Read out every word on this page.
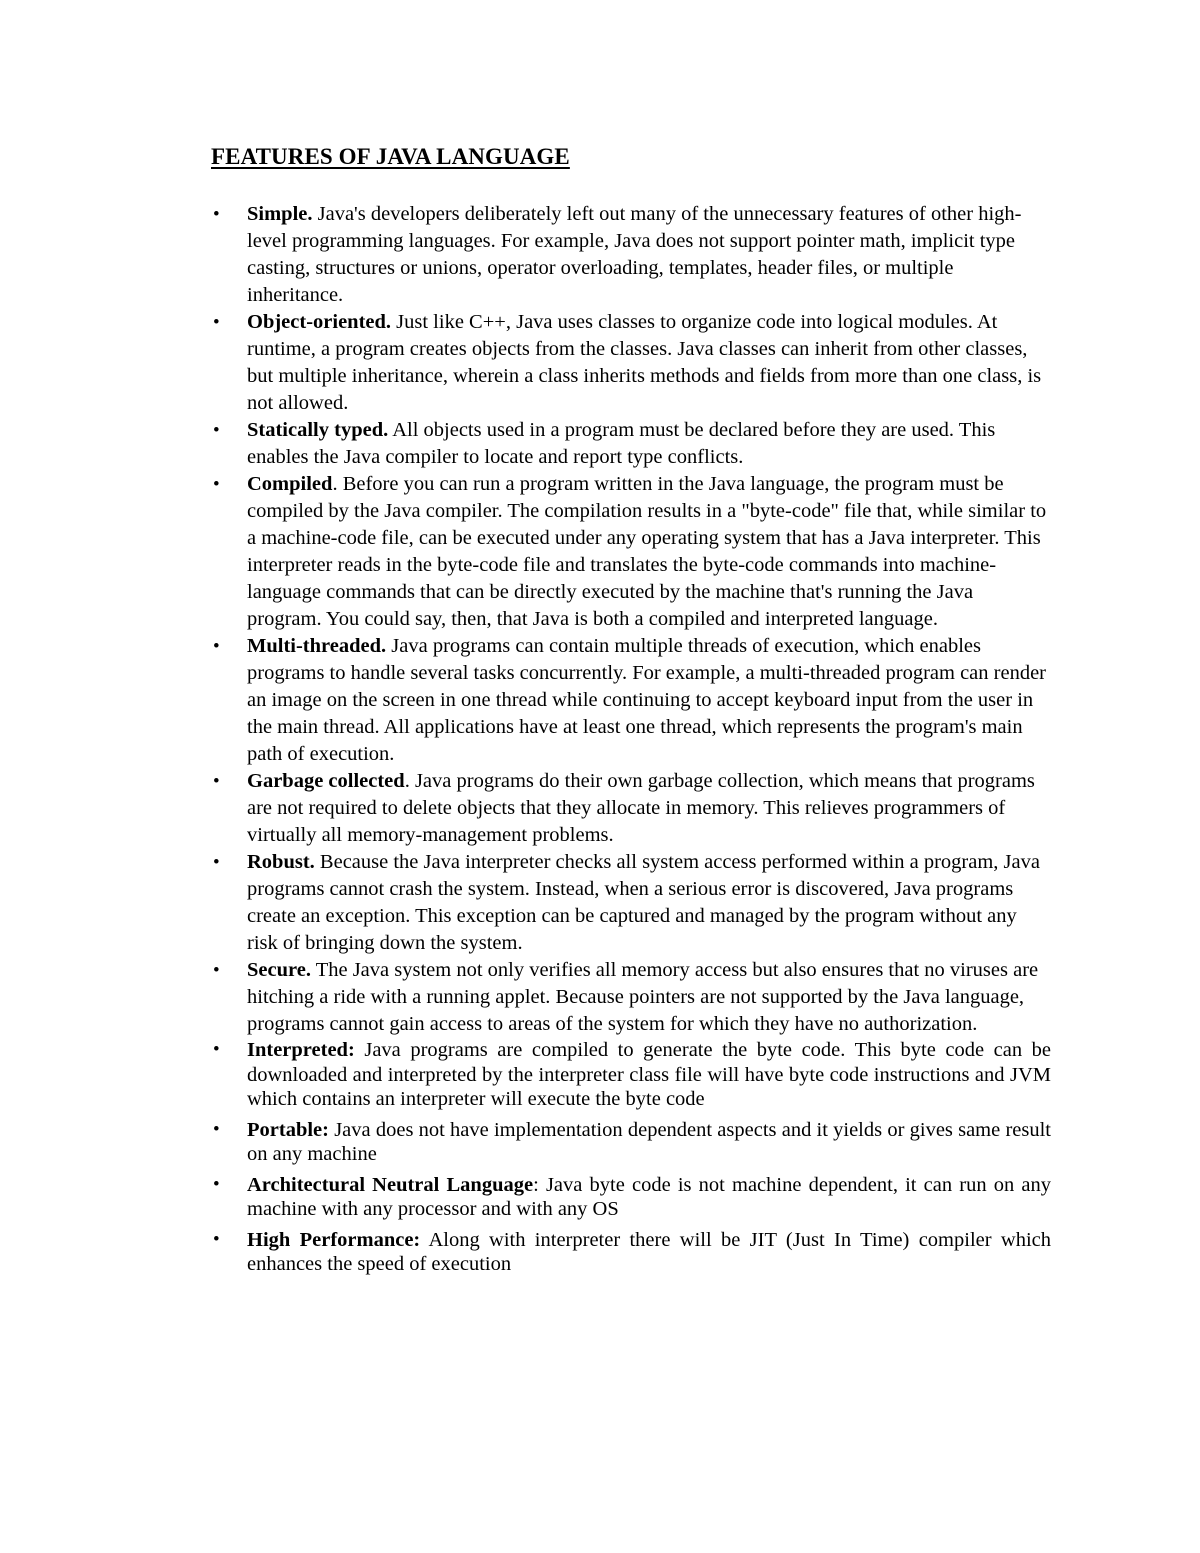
FEATURES OF JAVA LANGUAGE
• Simple. Java's developers deliberately left out many of the unnecessary features of other high-level programming languages. For example, Java does not support pointer math, implicit type casting, structures or unions, operator overloading, templates, header files, or multiple inheritance.
• Object-oriented. Just like C++, Java uses classes to organize code into logical modules. At runtime, a program creates objects from the classes. Java classes can inherit from other classes, but multiple inheritance, wherein a class inherits methods and fields from more than one class, is not allowed.
• Statically typed. All objects used in a program must be declared before they are used. This enables the Java compiler to locate and report type conflicts.
• Compiled. Before you can run a program written in the Java language, the program must be compiled by the Java compiler. The compilation results in a "byte-code" file that, while similar to a machine-code file, can be executed under any operating system that has a Java interpreter. This interpreter reads in the byte-code file and translates the byte-code commands into machine-language commands that can be directly executed by the machine that's running the Java program. You could say, then, that Java is both a compiled and interpreted language.
• Multi-threaded. Java programs can contain multiple threads of execution, which enables programs to handle several tasks concurrently. For example, a multi-threaded program can render an image on the screen in one thread while continuing to accept keyboard input from the user in the main thread. All applications have at least one thread, which represents the program's main path of execution.
• Garbage collected. Java programs do their own garbage collection, which means that programs are not required to delete objects that they allocate in memory. This relieves programmers of virtually all memory-management problems.
• Robust. Because the Java interpreter checks all system access performed within a program, Java programs cannot crash the system. Instead, when a serious error is discovered, Java programs create an exception. This exception can be captured and managed by the program without any risk of bringing down the system.
• Secure. The Java system not only verifies all memory access but also ensures that no viruses are hitching a ride with a running applet. Because pointers are not supported by the Java language, programs cannot gain access to areas of the system for which they have no authorization.
• Interpreted: Java programs are compiled to generate the byte code. This byte code can be downloaded and interpreted by the interpreter class file will have byte code instructions and JVM which contains an interpreter will execute the byte code
• Portable: Java does not have implementation dependent aspects and it yields or gives same result on any machine
• Architectural Neutral Language: Java byte code is not machine dependent, it can run on any machine with any processor and with any OS
• High Performance: Along with interpreter there will be JIT (Just In Time) compiler which enhances the speed of execution
